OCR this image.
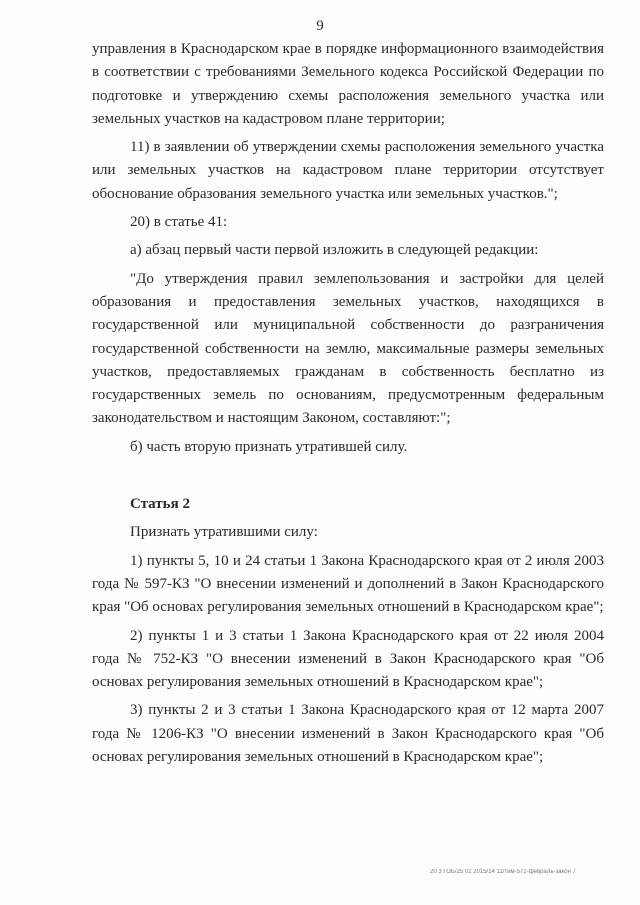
9

управления в Краснодарском крае в порядке информационного взаимодействия в соответствии с требованиями Земельного кодекса Российской Федерации по подготовке и утверждению схемы расположения земельного участка или земельных участков на кадастровом плане территории;

11) в заявлении об утверждении схемы расположения земельного участка или земельных участков на кадастровом плане территории отсутствует обоснование образования земельного участка или земельных участков.";

20) в статье 41:

а) абзац первый части первой изложить в следующей редакции:

"До утверждения правил землепользования и застройки для целей образования и предоставления земельных участков, находящихся в государственной или муниципальной собственности до разграничения государственной собственности на землю, максимальные размеры земельных участков, предоставляемых гражданам в собственность бесплатно из государственных земель по основаниям, предусмотренным федеральным законодательством и настоящим Законом, составляют:";

б) часть вторую признать утратившей силу.

Статья 2

Признать утратившими силу:

1) пункты 5, 10 и 24 статьи 1 Закона Краснодарского края от 2 июля 2003 года № 597-КЗ "О внесении изменений и дополнений в Закон Краснодарского края "Об основах регулирования земельных отношений в Краснодарском крае";

2) пункты 1 и 3 статьи 1 Закона Краснодарского края от 22 июля 2004 года № 752-КЗ "О внесении изменений в Закон Краснодарского края "Об основах регулирования земельных отношений в Краснодарском крае";

3) пункты 2 и 3 статьи 1 Закона Краснодарского края от 12 марта 2007 года № 1206-КЗ "О внесении изменений в Закон Краснодарского края "Об основах регулирования земельных отношений в Краснодарском крае";

20 3 ГОБ/25 02 2015/14 11/тим-572-февраль-закон 7
